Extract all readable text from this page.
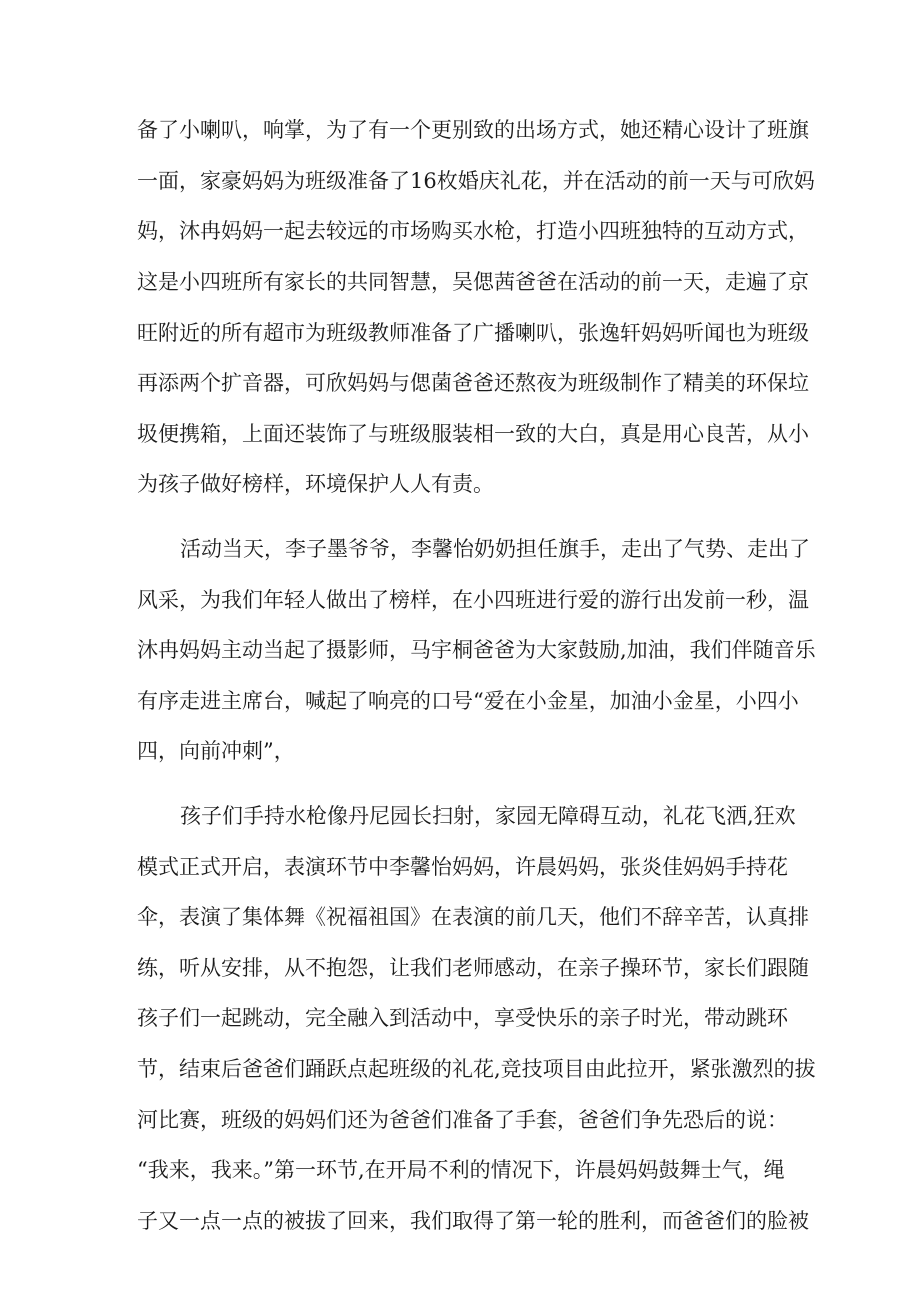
备了小喇叭，响掌，为了有一个更别致的出场方式，她还精心设计了班旗
一面，家豪妈妈为班级准备了16枚婚庆礼花，并在活动的前一天与可欣妈
妈，沐冉妈妈一起去较远的市场购买水枪，打造小四班独特的互动方式，
这是小四班所有家长的共同智慧，吴偲茜爸爸在活动的前一天，走遍了京
旺附近的所有超市为班级教师准备了广播喇叭，张逸轩妈妈听闻也为班级
再添两个扩音器，可欣妈妈与偲菌爸爸还熬夜为班级制作了精美的环保垃
圾便携箱，上面还装饰了与班级服装相一致的大白，真是用心良苦，从小
为孩子做好榜样，环境保护人人有责。
活动当天，李子墨爷爷，李馨怡奶奶担任旗手，走出了气势、走出了
风采，为我们年轻人做出了榜样，在小四班进行爱的游行出发前一秒，温
沐冉妈妈主动当起了摄影师，马宇桐爸爸为大家鼓励,加油，我们伴随音乐
有序走进主席台，喊起了响亮的口号“爱在小金星，加油小金星，小四小
四，向前冲刺”，
孩子们手持水枪像丹尼园长扫射，家园无障碍互动，礼花飞洒,狂欢
模式正式开启，表演环节中李馨怡妈妈，许晨妈妈，张炎佳妈妈手持花
伞，表演了集体舞《祝福祖国》在表演的前几天，他们不辞辛苦，认真排
练，听从安排，从不抱怨，让我们老师感动，在亲子操环节，家长们跟随
孩子们一起跳动，完全融入到活动中，享受快乐的亲子时光，带动跳环
节，结束后爸爸们踊跃点起班级的礼花,竞技项目由此拉开，紧张激烈的拔
河比赛，班级的妈妈们还为爸爸们准备了手套，爸爸们争先恐后的说：
“我来，我来。”第一环节,在开局不利的情况下，许晨妈妈鼓舞士气，绳
子又一点一点的被拔了回来，我们取得了第一轮的胜利，而爸爸们的脸被
